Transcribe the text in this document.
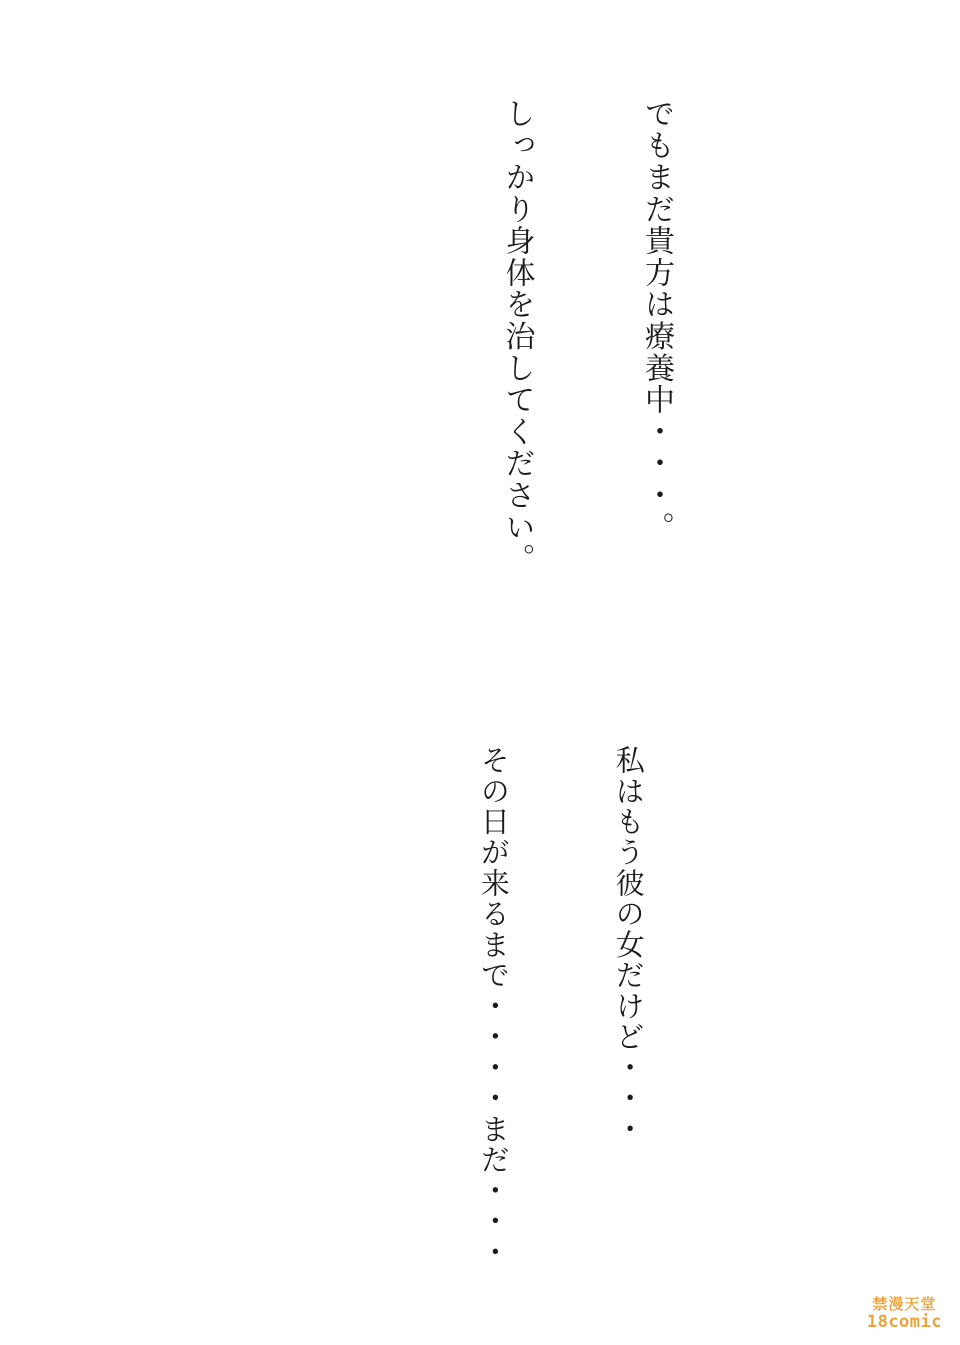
でもまだ貴方は療養中・・・。

しっかり身体を治してください。

私はもう彼の女だけど・・・

その日が来るまで・・・・まだ・・・

禁漫天堂
18comic
